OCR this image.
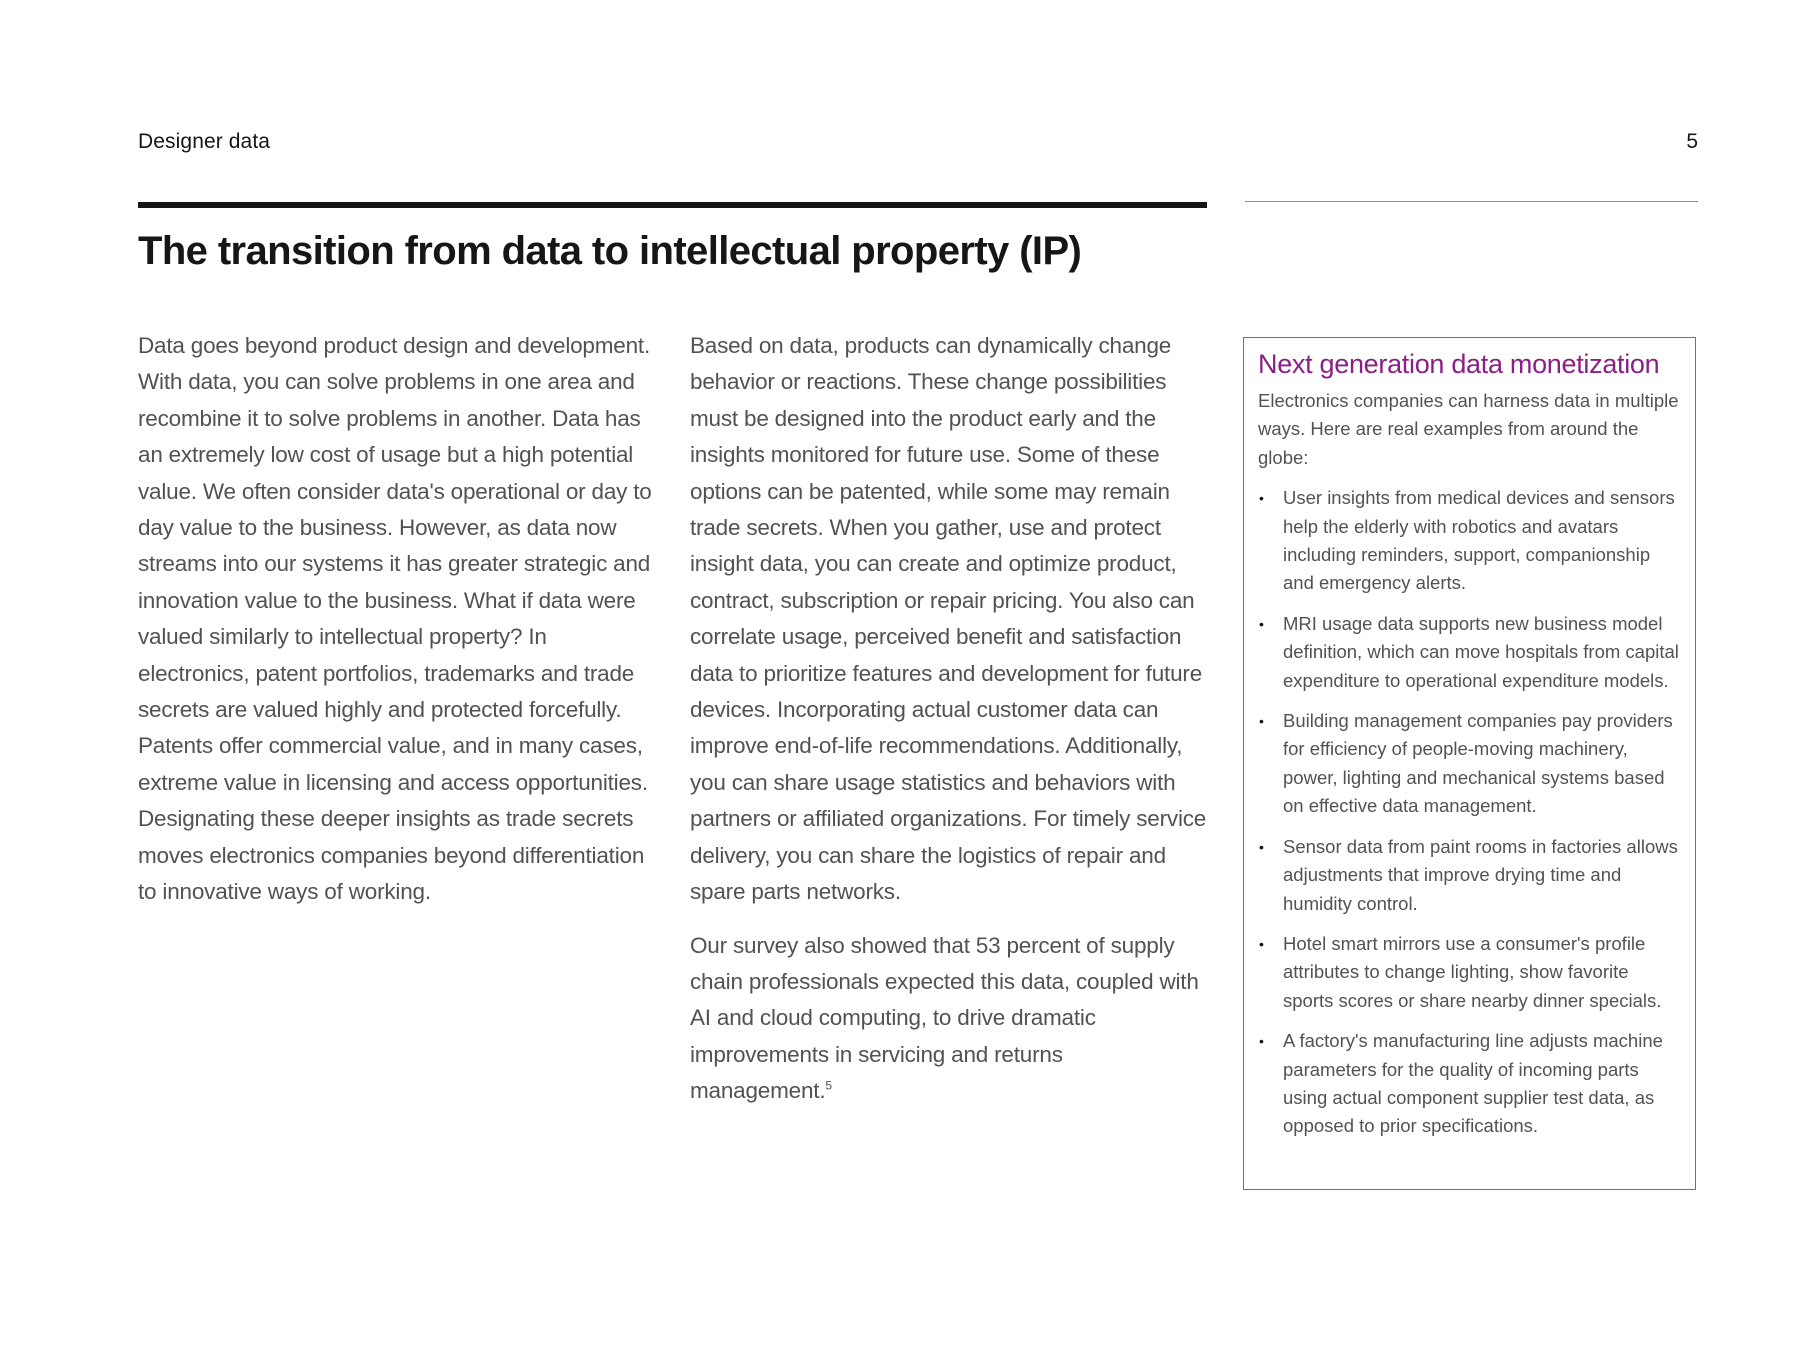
Designer data	5
The transition from data to intellectual property (IP)

Data goes beyond product design and development. With data, you can solve problems in one area and recombine it to solve problems in another. Data has an extremely low cost of usage but a high potential value. We often consider data's operational or day to day value to the business. However, as data now streams into our systems it has greater strategic and innovation value to the business. What if data were valued similarly to intellectual property? In electronics, patent portfolios, trademarks and trade secrets are valued highly and protected forcefully. Patents offer commercial value, and in many cases, extreme value in licensing and access opportunities. Designating these deeper insights as trade secrets moves electronics companies beyond differentiation to innovative ways of working.

Based on data, products can dynamically change behavior or reactions. These change possibilities must be designed into the product early and the insights monitored for future use. Some of these options can be patented, while some may remain trade secrets. When you gather, use and protect insight data, you can create and optimize product, contract, subscription or repair pricing. You also can correlate usage, perceived benefit and satisfaction data to prioritize features and development for future devices. Incorporating actual customer data can improve end-of-life recommendations. Additionally, you can share usage statistics and behaviors with partners or affiliated organizations. For timely service delivery, you can share the logistics of repair and spare parts networks.

Our survey also showed that 53 percent of supply chain professionals expected this data, coupled with AI and cloud computing, to drive dramatic improvements in servicing and returns management.$^5$

Next generation data monetization

Electronics companies can harness data in multiple ways. Here are real examples from around the globe:

• User insights from medical devices and sensors help the elderly with robotics and avatars including reminders, support, companionship and emergency alerts.
• MRI usage data supports new business model definition, which can move hospitals from capital expenditure to operational expenditure models.
• Building management companies pay providers for efficiency of people-moving machinery, power, lighting and mechanical systems based on effective data management.
• Sensor data from paint rooms in factories allows adjustments that improve drying time and humidity control.
• Hotel smart mirrors use a consumer's profile attributes to change lighting, show favorite sports scores or share nearby dinner specials.
• A factory's manufacturing line adjusts machine parameters for the quality of incoming parts using actual component supplier test data, as opposed to prior specifications.
